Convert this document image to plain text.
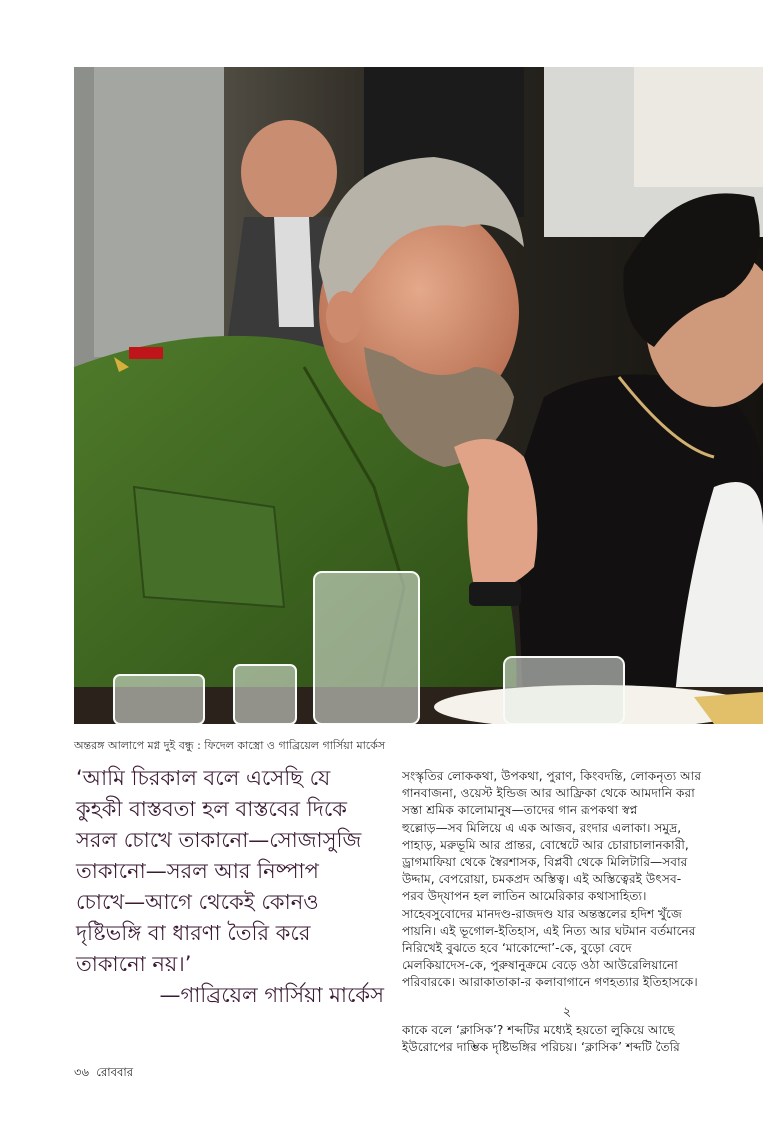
অন্তরঙ্গ আলাপে মগ্ন দুই বন্ধু : ফিদেল কাস্ত্রো ও গাব্রিয়েল গার্সিয়া মার্কেস
‘আমি চিরকাল বলে এসেছি যে
কুহকী বাস্তবতা হল বাস্তবের দিকে
সরল চোখে তাকানো—সোজাসুজি
তাকানো—সরল আর নিষ্পাপ
চোখে—আগে থেকেই কোনও
দৃষ্টিভঙ্গি বা ধারণা তৈরি করে
তাকানো নয়।’
—গাব্রিয়েল গার্সিয়া মার্কেস
সংস্কৃতির লোককথা, উপকথা, পুরাণ, কিংবদন্তি, লোকনৃত্য আর
গানবাজনা, ওয়েস্ট ইন্ডিজ আর আফ্রিকা থেকে আমদানি করা
সস্তা শ্রমিক কালোমানুষ—তাদের গান রূপকথা স্বপ্ন
হুল্লোড়—সব মিলিয়ে এ এক আজব, রংদার এলাকা। সমুদ্র,
পাহাড়, মরুভূমি আর প্রান্তর, বোম্বেটে আর চোরাচালানকারী,
ড্রাগমাফিয়া থেকে স্বৈরশাসক, বিপ্লবী থেকে মিলিটারি—সবার
উদ্দাম, বেপরোয়া, চমকপ্রদ অস্তিত্ব। এই অস্তিত্বেরই উৎসব-
পরব উদ্‌যাপন হল লাতিন আমেরিকার কথাসাহিত্য।
সাহেবসুবোদের মানদণ্ড-রাজদণ্ড যার অন্তস্তলের হদিশ খুঁজে
পায়নি। এই ভূগোল-ইতিহাস, এই নিত্য আর ঘটমান বর্তমানের
নিরিখেই বুঝতে হবে ‘মাকোন্দো’-কে, বুড়ো বেদে
মেলকিয়াদেস-কে, পুরুষানুক্রমে বেড়ে ওঠা আউরেলিয়ানো
পরিবারকে। আরাকাতাকা-র কলাবাগানে গণহত্যার ইতিহাসকে।
২
কাকে বলে ‘ক্লাসিক’? শব্দটির মধ্যেই হয়তো লুকিয়ে আছে
ইউরোপের দাম্ভিক দৃষ্টিভঙ্গির পরিচয়। ‘ক্লাসিক’ শব্দটি তৈরি
৩৬ রোববার
